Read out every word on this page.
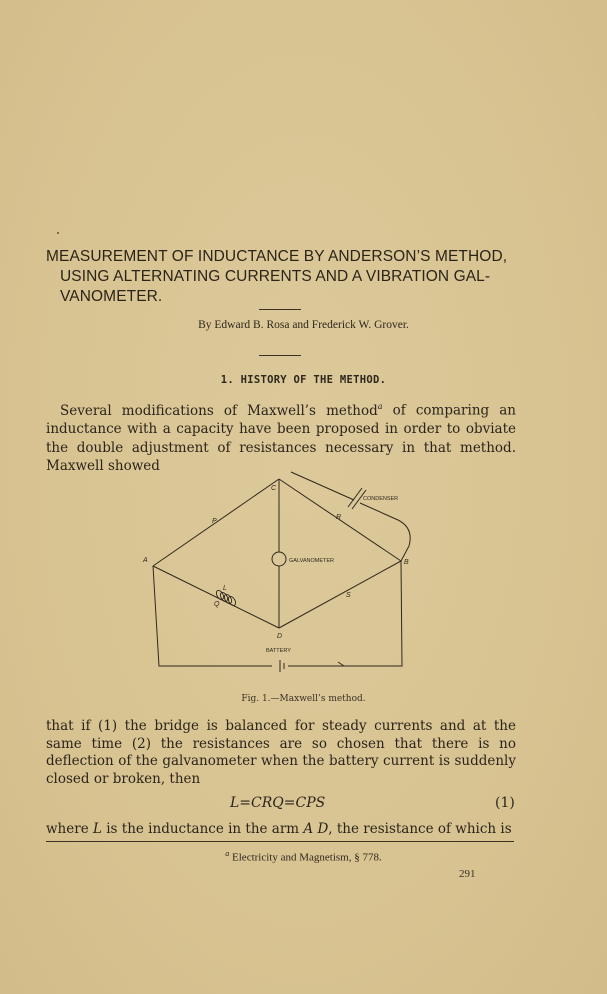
MEASUREMENT OF INDUCTANCE BY ANDERSON’S METHOD,
USING ALTERNATING CURRENTS AND A VIBRATION GAL-
VANOMETER.
By Edward B. Rosa and Frederick W. Grover.
1. HISTORY OF THE METHOD.
Several modifications of Maxwell’s method$^a$ of comparing an inductance with a capacity have been proposed in order to obviate the double adjustment of resistances necessary in that method. Maxwell showed
A	B
C
D
P
R
S
L
Q
CONDENSER
GALVANOMETER
BATTERY
Fig. 1.—Maxwell’s method.
that if (1) the bridge is balanced for steady currents and at the same time (2) the resistances are so chosen that there is no deflection of the galvanometer when the battery current is suddenly closed or broken, then
L=CRQ=CPS	(1)
where L is the inductance in the arm A D, the resistance of which is
$^a$ Electricity and Magnetism, § 778.
291
